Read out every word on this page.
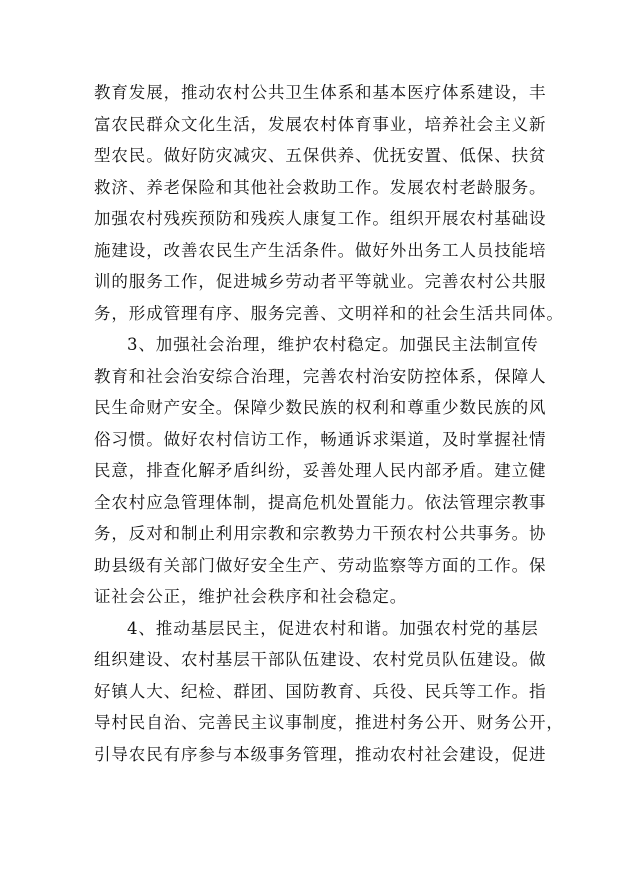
教育发展，推动农村公共卫生体系和基本医疗体系建设，丰
富农民群众文化生活，发展农村体育事业，培养社会主义新
型农民。做好防灾减灾、五保供养、优抚安置、低保、扶贫
救济、养老保险和其他社会救助工作。发展农村老龄服务。
加强农村残疾预防和残疾人康复工作。组织开展农村基础设
施建设，改善农民生产生活条件。做好外出务工人员技能培
训的服务工作，促进城乡劳动者平等就业。完善农村公共服
务，形成管理有序、服务完善、文明祥和的社会生活共同体。
3、加强社会治理，维护农村稳定。加强民主法制宣传
教育和社会治安综合治理，完善农村治安防控体系，保障人
民生命财产安全。保障少数民族的权利和尊重少数民族的风
俗习惯。做好农村信访工作，畅通诉求渠道，及时掌握社情
民意，排查化解矛盾纠纷，妥善处理人民内部矛盾。建立健
全农村应急管理体制，提高危机处置能力。依法管理宗教事
务，反对和制止利用宗教和宗教势力干预农村公共事务。协
助县级有关部门做好安全生产、劳动监察等方面的工作。保
证社会公正，维护社会秩序和社会稳定。
4、推动基层民主，促进农村和谐。加强农村党的基层
组织建设、农村基层干部队伍建设、农村党员队伍建设。做
好镇人大、纪检、群团、国防教育、兵役、民兵等工作。指
导村民自治、完善民主议事制度，推进村务公开、财务公开，
引导农民有序参与本级事务管理，推动农村社会建设，促进
